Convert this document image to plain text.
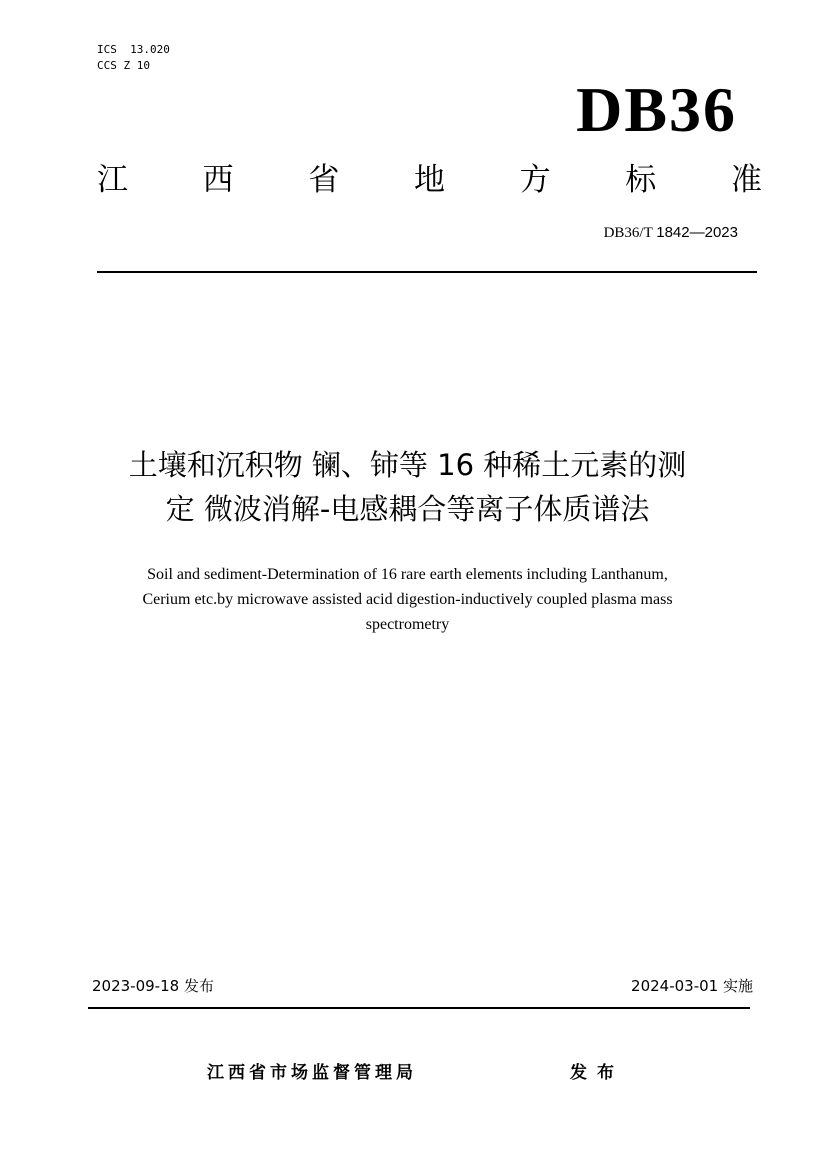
ICS  13.020
CCS Z 10
DB36
江 西 省 地 方 标 准
DB36/T 1842—2023
土壤和沉积物 镧、铈等 16 种稀土元素的测
定 微波消解-电感耦合等离子体质谱法
Soil and sediment-Determination of 16 rare earth elements including Lanthanum,
Cerium etc.by microwave assisted acid digestion-inductively coupled plasma mass
spectrometry
2023-09-18 发布	2024-03-01 实施
江西省市场监督管理局	发布
